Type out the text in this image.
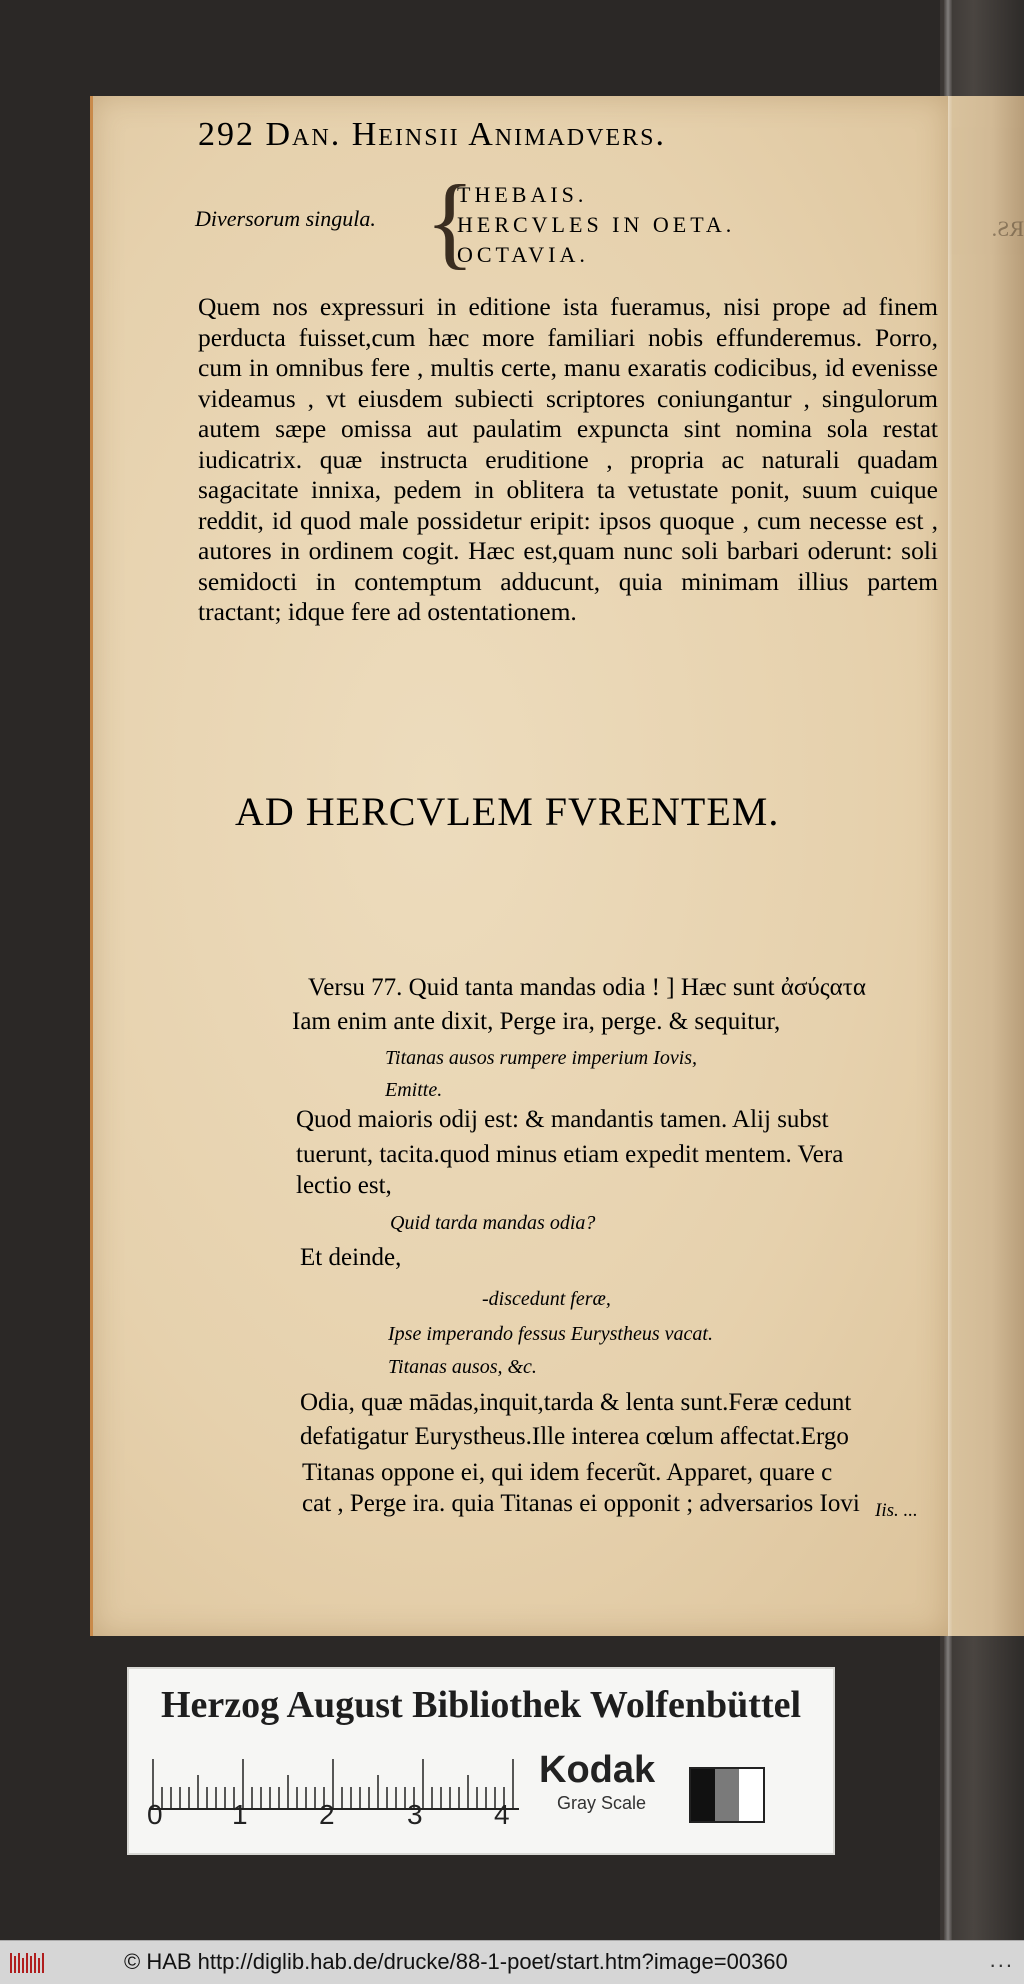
RS.
292 Dan. Heinsii Animadvers.
Diversorum singula. {
THEBAIS.
HERCVLES IN OETA.
OCTAVIA.
Quem nos expressuri in editione ista fueramus, nisi prope ad finem perducta fuisset,cum hæc more familiari nobis effunderemus. Porro, cum in omnibus fere , multis certe, manu exaratis codicibus, id evenisse videamus , vt eiusdem subiecti scriptores coniungantur , singulorum autem sæpe omissa aut paulatim expuncta sint nomina sola restat iudicatrix. quæ instructa eruditione , propria ac naturali quadam sagacitate innixa, pedem in oblitera ta vetustate ponit, suum cuique reddit, id quod male possidetur eripit: ipsos quoque , cum necesse est , autores in ordinem cogit. Hæc est,quam nunc soli barbari oderunt: soli semidocti in contemptum adducunt, quia minimam illius partem tractant; idque fere ad ostentationem.
AD HERCVLEM FVRENTEM.
Versu 77. Quid tanta mandas odia ! ] Hæc sunt ἀσύςατα
Iam enim ante dixit, Perge ira, perge. & sequitur,
Titanas ausos rumpere imperium Iovis,
Emitte.
Quod maioris odij est: & mandantis tamen. Alij subst
tuerunt, tacita.quod minus etiam expedit mentem. Vera
lectio est,
Quid tarda mandas odia?
Et deinde,
-discedunt feræ,
Ipse imperando fessus Eurystheus vacat.
Titanas ausos, &c.
Odia, quæ mādas,inquit,tarda & lenta sunt.Feræ cedunt
defatigatur Eurystheus.Ille interea cœlum affectat.Ergo
Titanas oppone ei, qui idem fecerũt. Apparet, quare c
cat , Perge ira. quia Titanas ei opponit ; adversarios Iovi Iis. ...
Herzog August Bibliothek Wolfenbüttel
0 1	2	3	4
Kodak
Gray Scale
© HAB http://diglib.hab.de/drucke/88-1-poet/start.htm?image=00360	...
